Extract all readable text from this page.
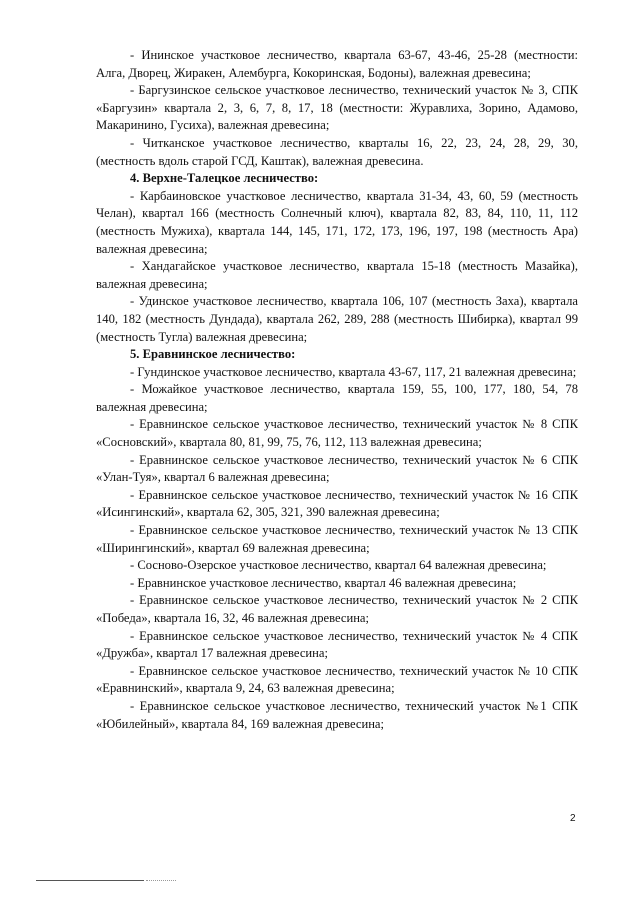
- Ининское участковое лесничество, квартала 63-67, 43-46, 25-28 (местности: Алга, Дворец, Жиракен, Алембурга, Кокоринская, Бодоны), валежная древесина;

- Баргузинское сельское участковое лесничество, технический участок № 3, СПК «Баргузин» квартала 2, 3, 6, 7, 8, 17, 18 (местности: Журавлиха, Зорино, Адамово, Макаринино, Гусиха), валежная древесина;

- Читканское участковое лесничество, кварталы 16, 22, 23, 24, 28, 29, 30, (местность вдоль старой ГСД, Каштак), валежная древесина.

4. Верхне-Талецкое лесничество:

- Карбаиновское участковое лесничество, квартала 31-34, 43, 60, 59 (местность Челан), квартал 166 (местность Солнечный ключ), квартала 82, 83, 84, 110, 11, 112 (местность Мужиха), квартала 144, 145, 171, 172, 173, 196, 197, 198 (местность Ара) валежная древесина;

- Хандагайское участковое лесничество, квартала 15-18 (местность Мазайка), валежная древесина;

- Удинское участковое лесничество, квартала 106, 107 (местность Заха), квартала 140, 182 (местность Дундада), квартала 262, 289, 288 (местность Шибирка), квартал 99 (местность Тугла) валежная древесина;

5. Еравнинское лесничество:

- Гундинское участковое лесничество, квартала 43-67, 117, 21 валежная древесина;

- Можайкое участковое лесничество, квартала 159, 55, 100, 177, 180, 54, 78 валежная древесина;

- Еравнинское сельское участковое лесничество, технический участок № 8 СПК «Сосновский», квартала 80, 81, 99, 75, 76, 112, 113 валежная древесина;

- Еравнинское сельское участковое лесничество, технический участок № 6 СПК «Улан-Туя», квартал 6 валежная древесина;

- Еравнинское сельское участковое лесничество, технический участок № 16 СПК «Исингинский», квартала 62, 305, 321, 390 валежная древесина;

- Еравнинское сельское участковое лесничество, технический участок № 13 СПК «Ширингинский», квартал 69 валежная древесина;

- Сосново-Озерское участковое лесничество, квартал 64 валежная древесина;

- Еравнинское участковое лесничество, квартал 46 валежная древесина;

- Еравнинское сельское участковое лесничество, технический участок № 2 СПК «Победа», квартала 16, 32, 46 валежная древесина;

- Еравнинское сельское участковое лесничество, технический участок № 4 СПК «Дружба», квартал 17 валежная древесина;

- Еравнинское сельское участковое лесничество, технический участок № 10 СПК «Еравнинский», квартала 9, 24, 63 валежная древесина;

- Еравнинское сельское участковое лесничество, технический участок №1 СПК «Юбилейный», квартала 84, 169 валежная древесина;

2
